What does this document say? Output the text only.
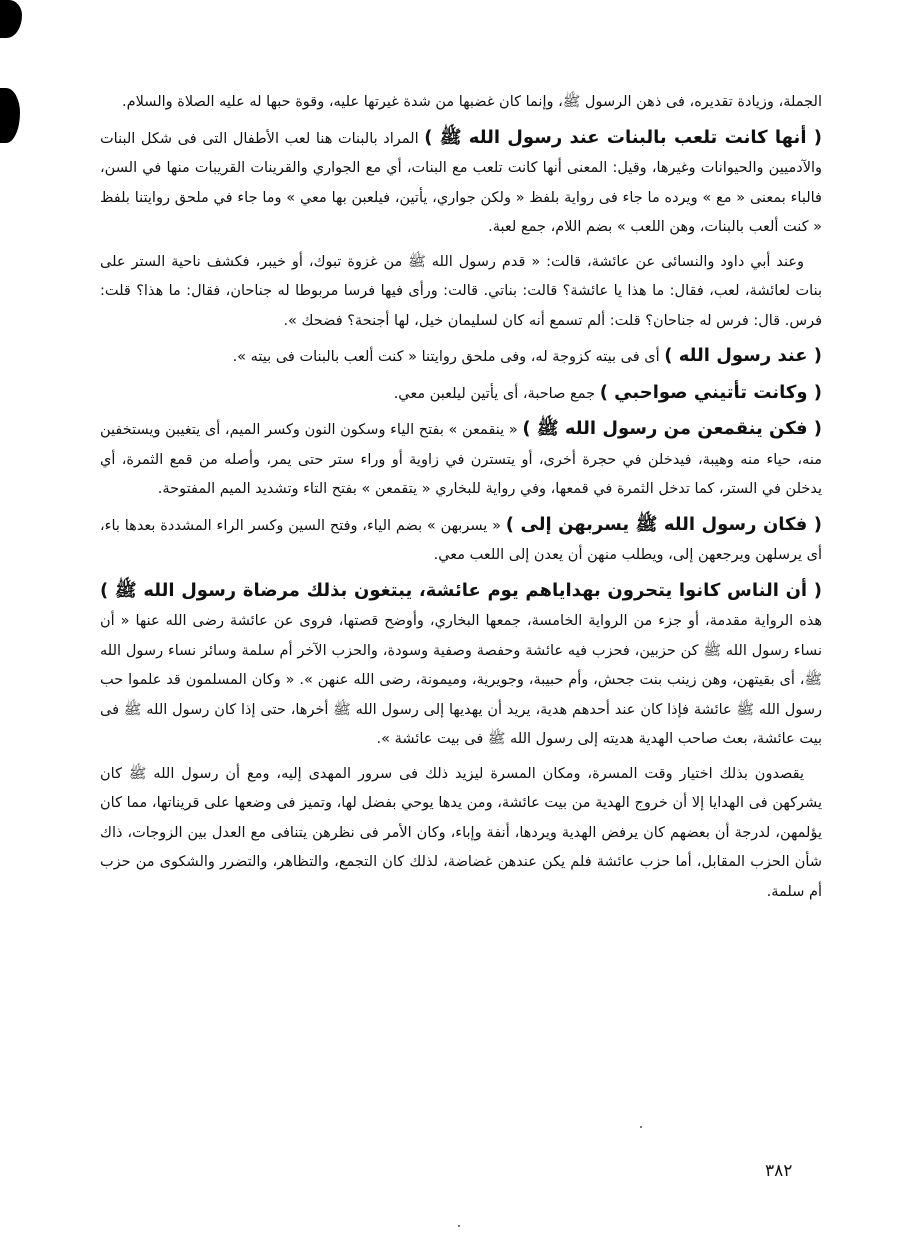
الجملة، وزيادة تقديره، فى ذهن الرسول ﷺ، وإنما كان غضبها من شدة غيرتها عليه، وقوة حبها له عليه الصلاة والسلام.

( أنها كانت تلعب بالبنات عند رسول الله ﷺ ) المراد بالبنات هنا لعب الأطفال التى فى شكل البنات والآدميين والحيوانات وغيرها، وقيل: المعنى أنها كانت تلعب مع البنات، أي مع الجواري والقرينات القريبات منها في السن، فالباء بمعنى « مع » ويرده ما جاء فى رواية بلفظ « ولكن جواري، يأتين، فيلعبن بها معي » وما جاء في ملحق روايتنا بلفظ « كنت ألعب بالبنات، وهن اللعب » بضم اللام، جمع لعبة.

وعند أبي داود والنسائى عن عائشة، قالت: « قدم رسول الله ﷺ من غزوة تبوك، أو خيبر، فكشف ناحية الستر على بنات لعائشة، لعب، فقال: ما هذا يا عائشة؟ قالت: بناتي. قالت: ورأى فيها فرسا مربوطا له جناحان، فقال: ما هذا؟ قلت: فرس. قال: فرس له جناحان؟ قلت: ألم تسمع أنه كان لسليمان خيل، لها أجنحة؟ فضحك ».

( عند رسول الله ) أى فى بيته كزوجة له، وفى ملحق روايتنا « كنت ألعب بالبنات فى بيته ».

( وكانت تأتيني صواحبي ) جمع صاحبة، أى يأتين ليلعبن معي.

( فكن ينقمعن من رسول الله ﷺ ) « ينقمعن » بفتح الياء وسكون النون وكسر الميم، أى يتغيبن ويستخفين منه، حياء منه وهيبة، فيدخلن في حجرة أخرى، أو يتسترن في زاوية أو وراء ستر حتى يمر، وأصله من قمع الثمرة، أي يدخلن في الستر، كما تدخل الثمرة في قمعها، وفي رواية للبخاري « يتقمعن » بفتح التاء وتشديد الميم المفتوحة.

( فكان رسول الله ﷺ يسربهن إلى ) « يسربهن » بضم الياء، وفتح السين وكسر الراء المشددة بعدها باء، أى يرسلهن ويرجعهن إلى، ويطلب منهن أن يعدن إلى اللعب معي.

( أن الناس كانوا يتحرون بهداياهم يوم عائشة، يبتغون بذلك مرضاة رسول الله ﷺ ) هذه الرواية مقدمة، أو جزء من الرواية الخامسة، جمعها البخاري، وأوضح قصتها، فروى عن عائشة رضى الله عنها « أن نساء رسول الله ﷺ كن حزبين، فحزب فيه عائشة وحفصة وصفية وسودة، والحزب الآخر أم سلمة وسائر نساء رسول الله ﷺ، أى بقيتهن، وهن زينب بنت جحش، وأم حبيبة، وجويرية، وميمونة، رضى الله عنهن ». « وكان المسلمون قد علموا حب رسول الله ﷺ عائشة فإذا كان عند أحدهم هدية، يريد أن يهديها إلى رسول الله ﷺ أخرها، حتى إذا كان رسول الله ﷺ فى بيت عائشة، بعث صاحب الهدية هديته إلى رسول الله ﷺ فى بيت عائشة ».

يقصدون بذلك اختيار وقت المسرة، ومكان المسرة ليزيد ذلك فى سرور المهدى إليه، ومع أن رسول الله ﷺ كان يشركهن فى الهدايا إلا أن خروج الهدية من بيت عائشة، ومن يدها يوحي بفضل لها، وتميز فى وضعها على قريناتها، مما كان يؤلمهن، لدرجة أن بعضهم كان يرفض الهدية ويردها، أنفة وإباء، وكان الأمر فى نظرهن يتنافى مع العدل بين الزوجات، ذاك شأن الحزب المقابل، أما حزب عائشة فلم يكن عندهن غضاضة، لذلك كان التجمع، والتظاهر، والتضرر والشكوى من حزب أم سلمة.

٣٨٢
